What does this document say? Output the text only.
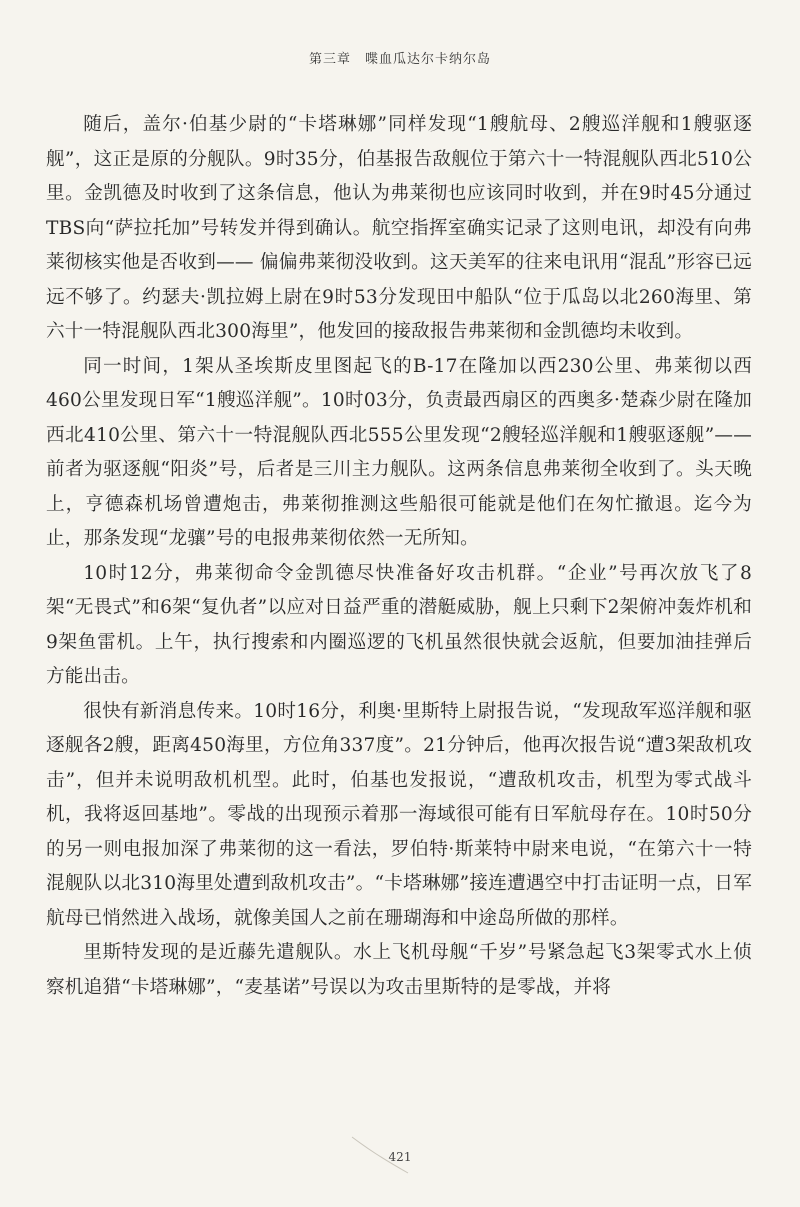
第三章　喋血瓜达尔卡纳尔岛

随后，盖尔·伯基少尉的“卡塔琳娜”同样发现“1艘航母、2艘巡洋舰和1艘驱逐舰”，这正是原的分舰队。9时35分，伯基报告敌舰位于第六十一特混舰队西北510公里。金凯德及时收到了这条信息，他认为弗莱彻也应该同时收到，并在9时45分通过TBS向“萨拉托加”号转发并得到确认。航空指挥室确实记录了这则电讯，却没有向弗莱彻核实他是否收到—— 偏偏弗莱彻没收到。这天美军的往来电讯用“混乱”形容已远远不够了。约瑟夫·凯拉姆上尉在9时53分发现田中船队“位于瓜岛以北260海里、第六十一特混舰队西北300海里”，他发回的接敌报告弗莱彻和金凯德均未收到。

同一时间，1架从圣埃斯皮里图起飞的B-17在隆加以西230公里、弗莱彻以西460公里发现日军“1艘巡洋舰”。10时03分，负责最西扇区的西奥多·楚森少尉在隆加西北410公里、第六十一特混舰队西北555公里发现“2艘轻巡洋舰和1艘驱逐舰”—— 前者为驱逐舰“阳炎”号，后者是三川主力舰队。这两条信息弗莱彻全收到了。头天晚上，亨德森机场曾遭炮击，弗莱彻推测这些船很可能就是他们在匆忙撤退。迄今为止，那条发现“龙骧”号的电报弗莱彻依然一无所知。

10时12分，弗莱彻命令金凯德尽快准备好攻击机群。“企业”号再次放飞了8架“无畏式”和6架“复仇者”以应对日益严重的潜艇威胁，舰上只剩下2架俯冲轰炸机和9架鱼雷机。上午，执行搜索和内圈巡逻的飞机虽然很快就会返航，但要加油挂弹后方能出击。

很快有新消息传来。10时16分，利奥·里斯特上尉报告说，“发现敌军巡洋舰和驱逐舰各2艘，距离450海里，方位角337度”。21分钟后，他再次报告说“遭3架敌机攻击”，但并未说明敌机机型。此时，伯基也发报说，“遭敌机攻击，机型为零式战斗机，我将返回基地”。零战的出现预示着那一海域很可能有日军航母存在。10时50分的另一则电报加深了弗莱彻的这一看法，罗伯特·斯莱特中尉来电说，“在第六十一特混舰队以北310海里处遭到敌机攻击”。“卡塔琳娜”接连遭遇空中打击证明一点，日军航母已悄然进入战场，就像美国人之前在珊瑚海和中途岛所做的那样。

里斯特发现的是近藤先遣舰队。水上飞机母舰“千岁”号紧急起飞3架零式水上侦察机追猎“卡塔琳娜”，“麦基诺”号误以为攻击里斯特的是零战，并将

421
